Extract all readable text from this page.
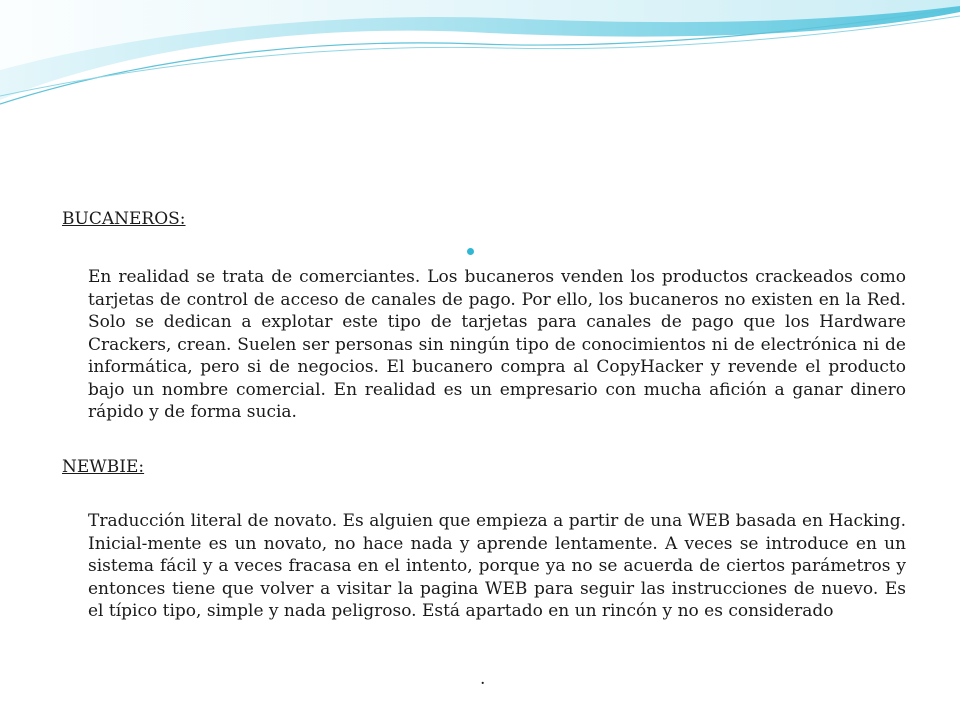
BUCANEROS:

En realidad se trata de comerciantes. Los bucaneros venden los productos crackeados como tarjetas de control de acceso de canales de pago. Por ello, los bucaneros no existen en la Red. Solo se dedican a explotar este tipo de tarjetas para canales de pago que los Hardware Crackers, crean. Suelen ser personas sin ningún tipo de conocimientos ni de electrónica ni de informática, pero si de negocios. El bucanero compra al CopyHacker y revende el producto bajo un nombre comercial. En realidad es un empresario con mucha afición a ganar dinero rápido y de forma sucia.

NEWBIE:

Traducción literal de novato. Es alguien que empieza a partir de una WEB basada en Hacking. Inicial-mente es un novato, no hace nada y aprende lentamente. A veces se introduce en un sistema fácil y a veces fracasa en el intento, porque ya no se acuerda de ciertos parámetros y entonces tiene que volver a visitar la pagina WEB para seguir las instrucciones de nuevo. Es el típico tipo, simple y nada peligroso. Está apartado en un rincón y no es considerado

.
